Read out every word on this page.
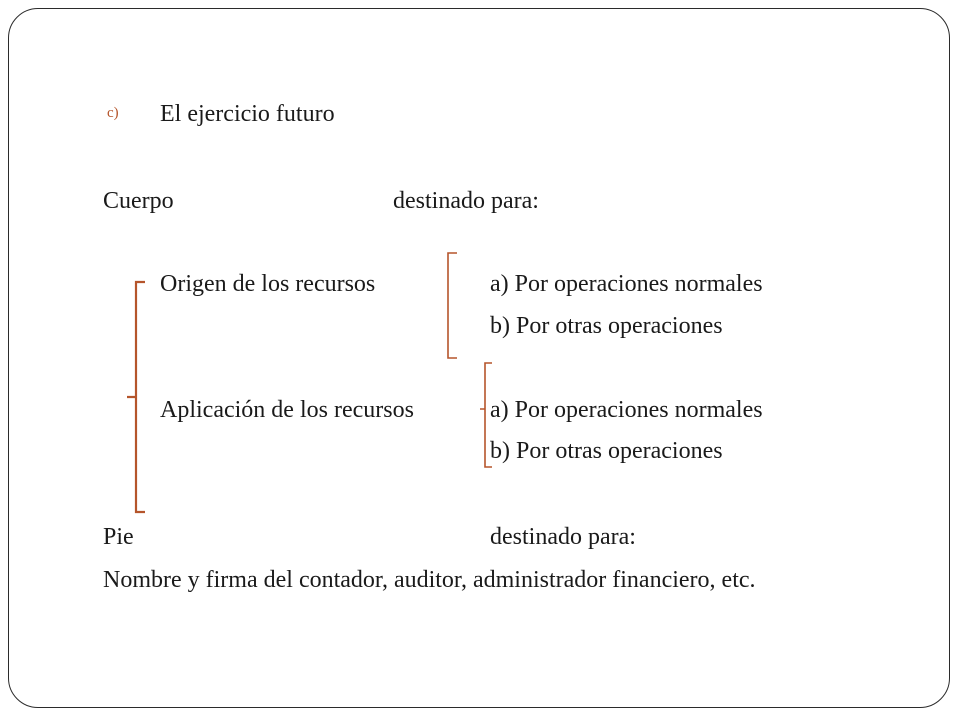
c) El ejercicio futuro
Cuerpo	destinado para:
Origen de los recursos	a) Por operaciones normales
b) Por otras operaciones
Aplicación de los recursos	a) Por operaciones normales
b) Por otras operaciones
Pie	destinado para:
Nombre y firma del contador, auditor, administrador financiero, etc.
